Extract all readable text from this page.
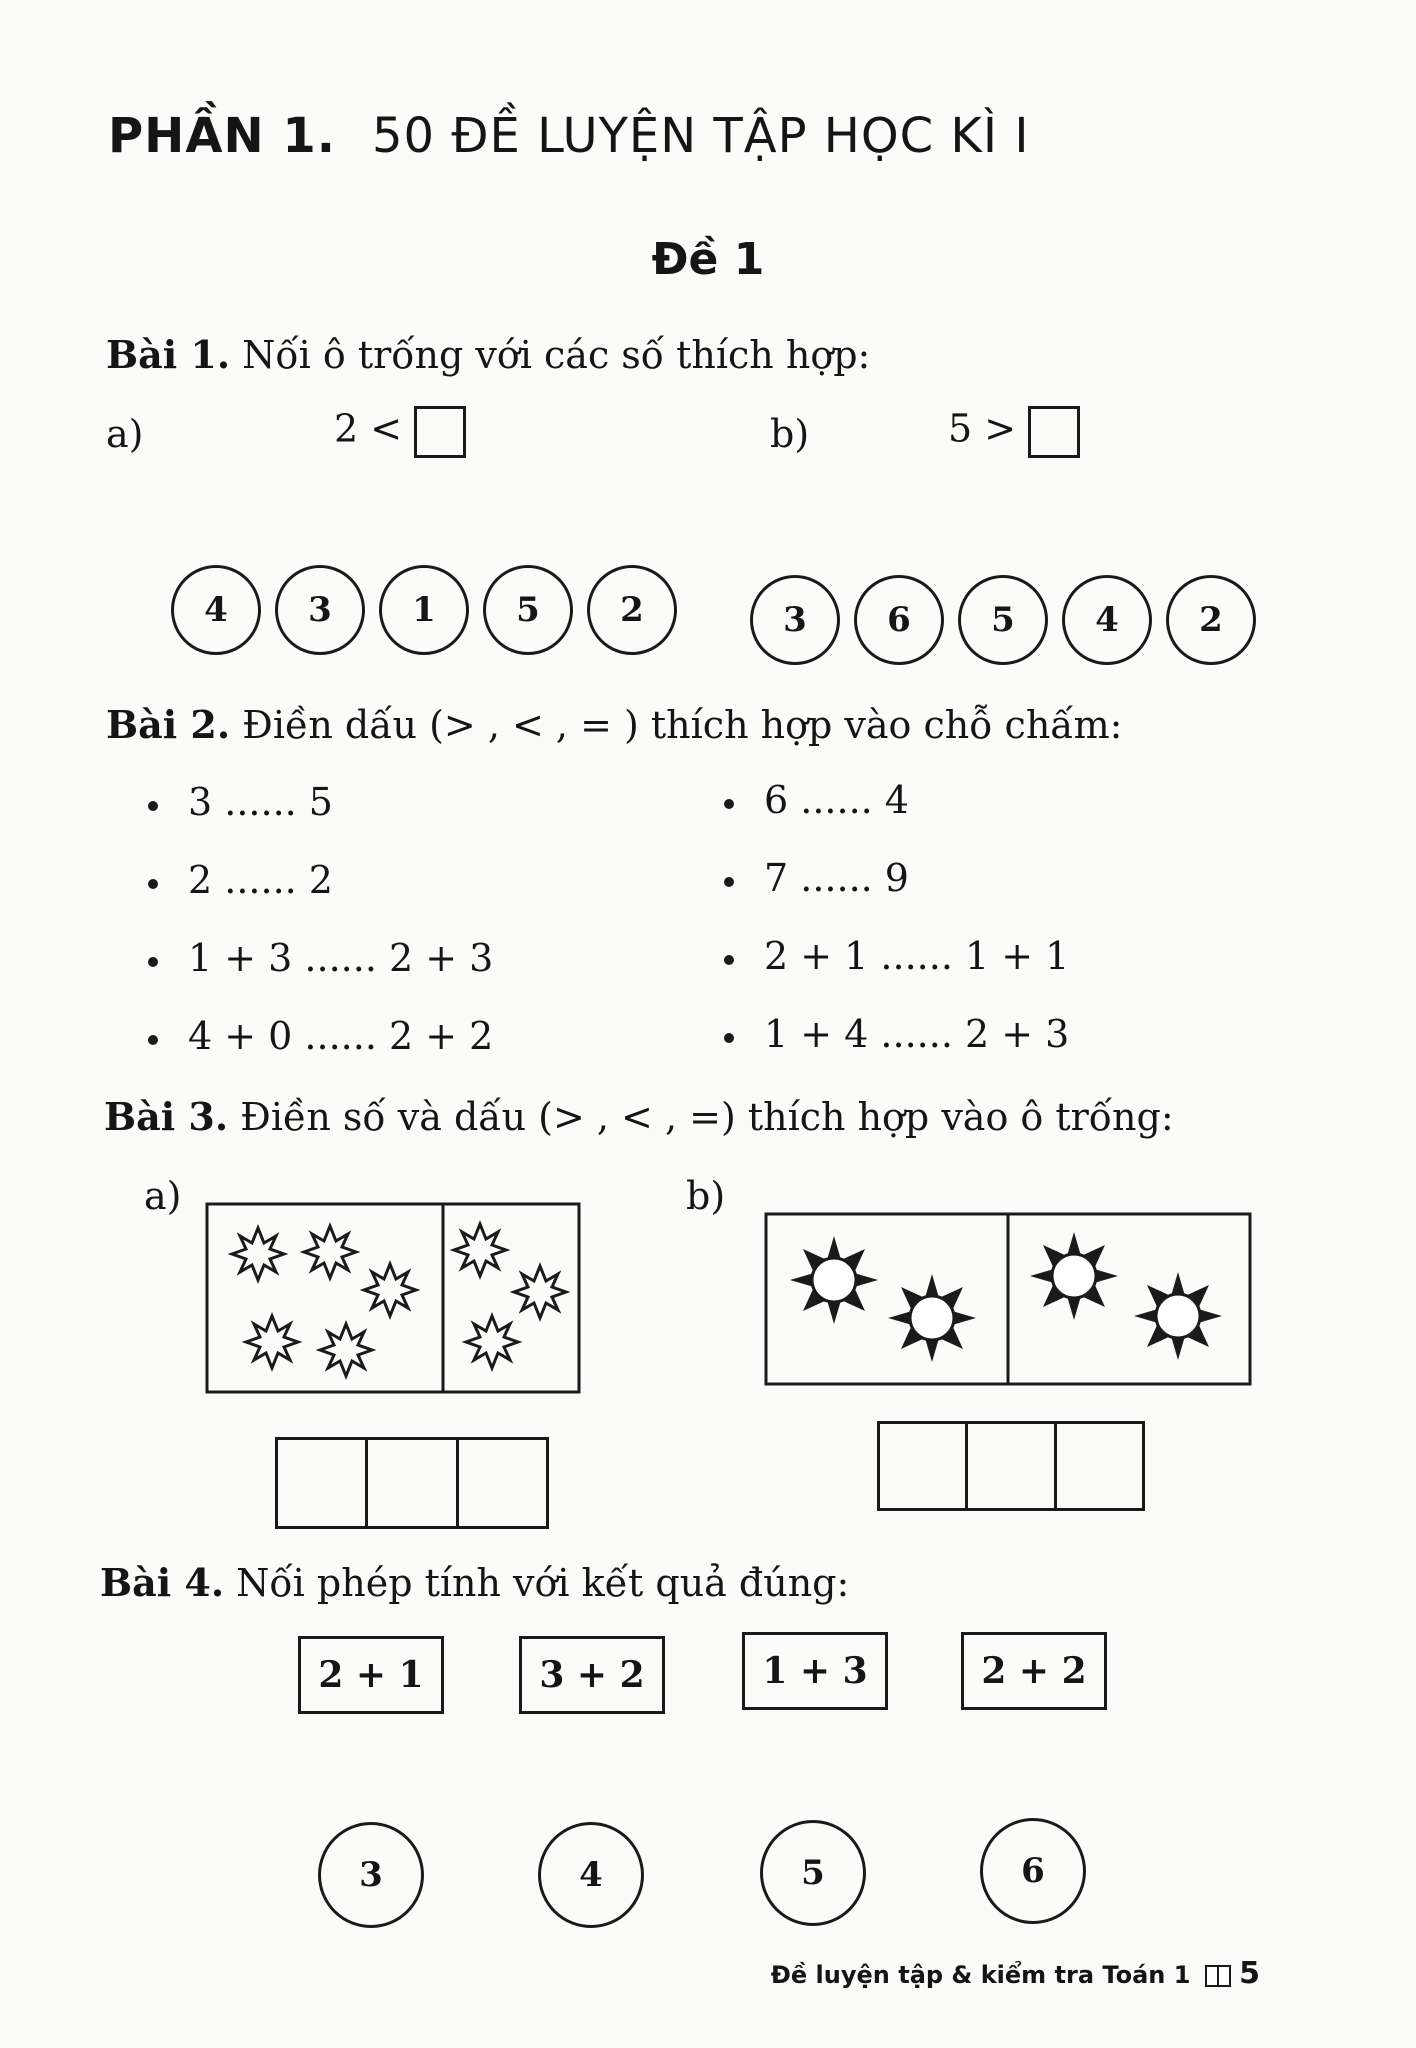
PHẦN 1. 50 ĐỀ LUYỆN TẬP HỌC KÌ I
Đề 1
Bài 1. Nối ô trống với các số thích hợp:
a)	2 <	b)	5 >
4	3	1	5	2	3	6	5	4	2
Bài 2. Điền dấu (> , < , = ) thích hợp vào chỗ chấm:
3 ...... 5
2 ...... 2
1 + 3 ...... 2 + 3
4 + 0 ...... 2 + 2
6 ...... 4
7 ...... 9
2 + 1 ...... 1 + 1
1 + 4 ...... 2 + 3
Bài 3. Điền số và dấu (> , < , =) thích hợp vào ô trống:
a)	b)
Bài 4. Nối phép tính với kết quả đúng:
2 + 1	3 + 2	1 + 3	2 + 2
3	4	5	6
Đề luyện tập & kiểm tra Toán 1 5
